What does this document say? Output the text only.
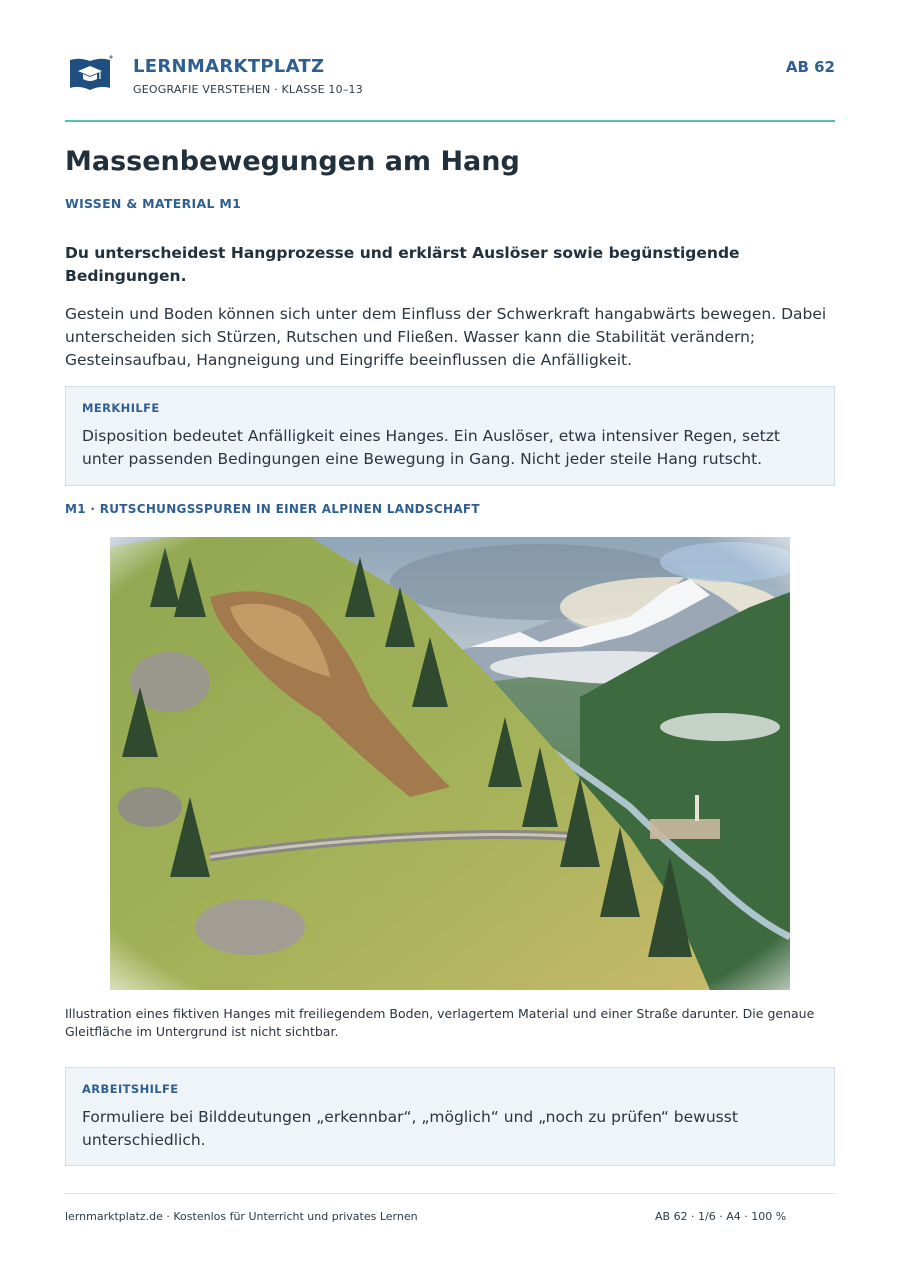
LERNMARKTPLATZ
GEOGRAFIE VERSTEHEN · KLASSE 10–13
AB 62
Massenbewegungen am Hang
WISSEN & MATERIAL M1

Du unterscheidest Hangprozesse und erklärst Auslöser sowie begünstigende Bedingungen.

Gestein und Boden können sich unter dem Einfluss der Schwerkraft hangabwärts bewegen. Dabei unterscheiden sich Stürzen, Rutschen und Fließen. Wasser kann die Stabilität verändern; Gesteinsaufbau, Hangneigung und Eingriffe beeinflussen die Anfälligkeit.

MERKHILFE
Disposition bedeutet Anfälligkeit eines Hanges. Ein Auslöser, etwa intensiver Regen, setzt unter passenden Bedingungen eine Bewegung in Gang. Nicht jeder steile Hang rutscht.
M1 · RUTSCHUNGSSPUREN IN EINER ALPINEN LANDSCHAFT

Illustration eines fiktiven Hanges mit freiliegendem Boden, verlagertem Material und einer Straße darunter. Die genaue Gleitfläche im Untergrund ist nicht sichtbar.

ARBEITSHILFE
Formuliere bei Bilddeutungen „erkennbar“, „möglich“ und „noch zu prüfen“ bewusst unterschiedlich.
lernmarktplatz.de · Kostenlos für Unterricht und privates Lernen	AB 62 · 1/6 · A4 · 100 %
